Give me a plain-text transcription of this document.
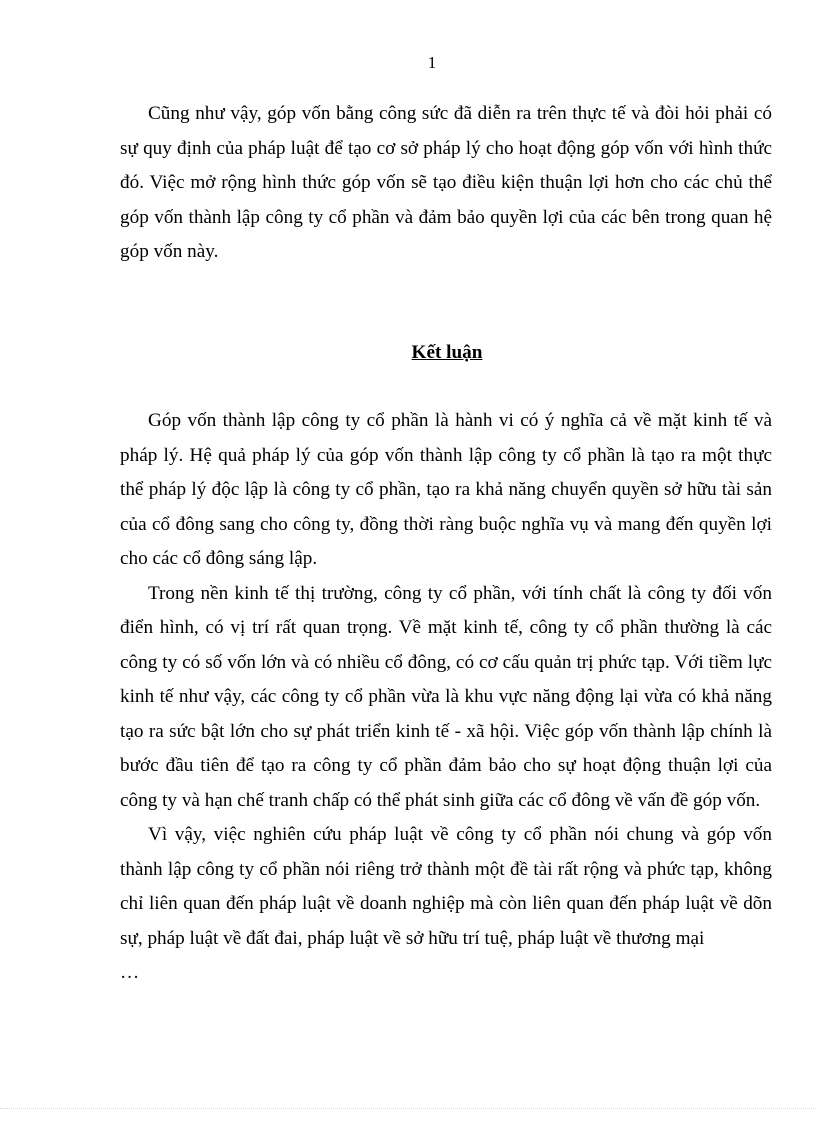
1

Cũng như vậy, góp vốn bằng công sức đã diễn ra trên thực tế và đòi hỏi phải có sự quy định của pháp luật để tạo cơ sở pháp lý cho hoạt động góp vốn với hình thức đó. Việc mở rộng hình thức góp vốn sẽ tạo điều kiện thuận lợi hơn cho các chủ thể góp vốn thành lập công ty cổ phần và đảm bảo quyền lợi của các bên trong quan hệ góp vốn này.

Kết luận

Góp vốn thành lập công ty cổ phần là hành vi có ý nghĩa cả về mặt kinh tế và pháp lý. Hệ quả pháp lý của góp vốn thành lập công ty cổ phần là tạo ra một thực thể pháp lý độc lập là công ty cổ phần, tạo ra khả năng chuyển quyền sở hữu tài sản của cổ đông sang cho công ty, đồng thời ràng buộc nghĩa vụ và mang đến quyền lợi cho các cổ đông sáng lập.

Trong nền kinh tế thị trường, công ty cổ phần, với tính chất là công ty đối vốn điển hình, có vị trí rất quan trọng. Về mặt kinh tế, công ty cổ phần thường là các công ty có số vốn lớn và có nhiều cổ đông, có cơ cấu quản trị phức tạp. Với tiềm lực kinh tế như vậy, các công ty cổ phần vừa là khu vực năng động lại vừa có khả năng tạo ra sức bật lớn cho sự phát triển kinh tế - xã hội. Việc góp vốn thành lập chính là bước đầu tiên để tạo ra công ty cổ phần đảm bảo cho sự hoạt động thuận lợi của công ty và hạn chế tranh chấp có thể phát sinh giữa các cổ đông về vấn đề góp vốn.

Vì vậy, việc nghiên cứu pháp luật về công ty cổ phần nói chung và góp vốn thành lập công ty cổ phần nói riêng trở thành một đề tài rất rộng và phức tạp, không chỉ liên quan đến pháp luật về doanh nghiệp mà còn liên quan đến pháp luật về dõn sự, pháp luật về đất đai, pháp luật về sở hữu trí tuệ, pháp luật về thương mại

…
